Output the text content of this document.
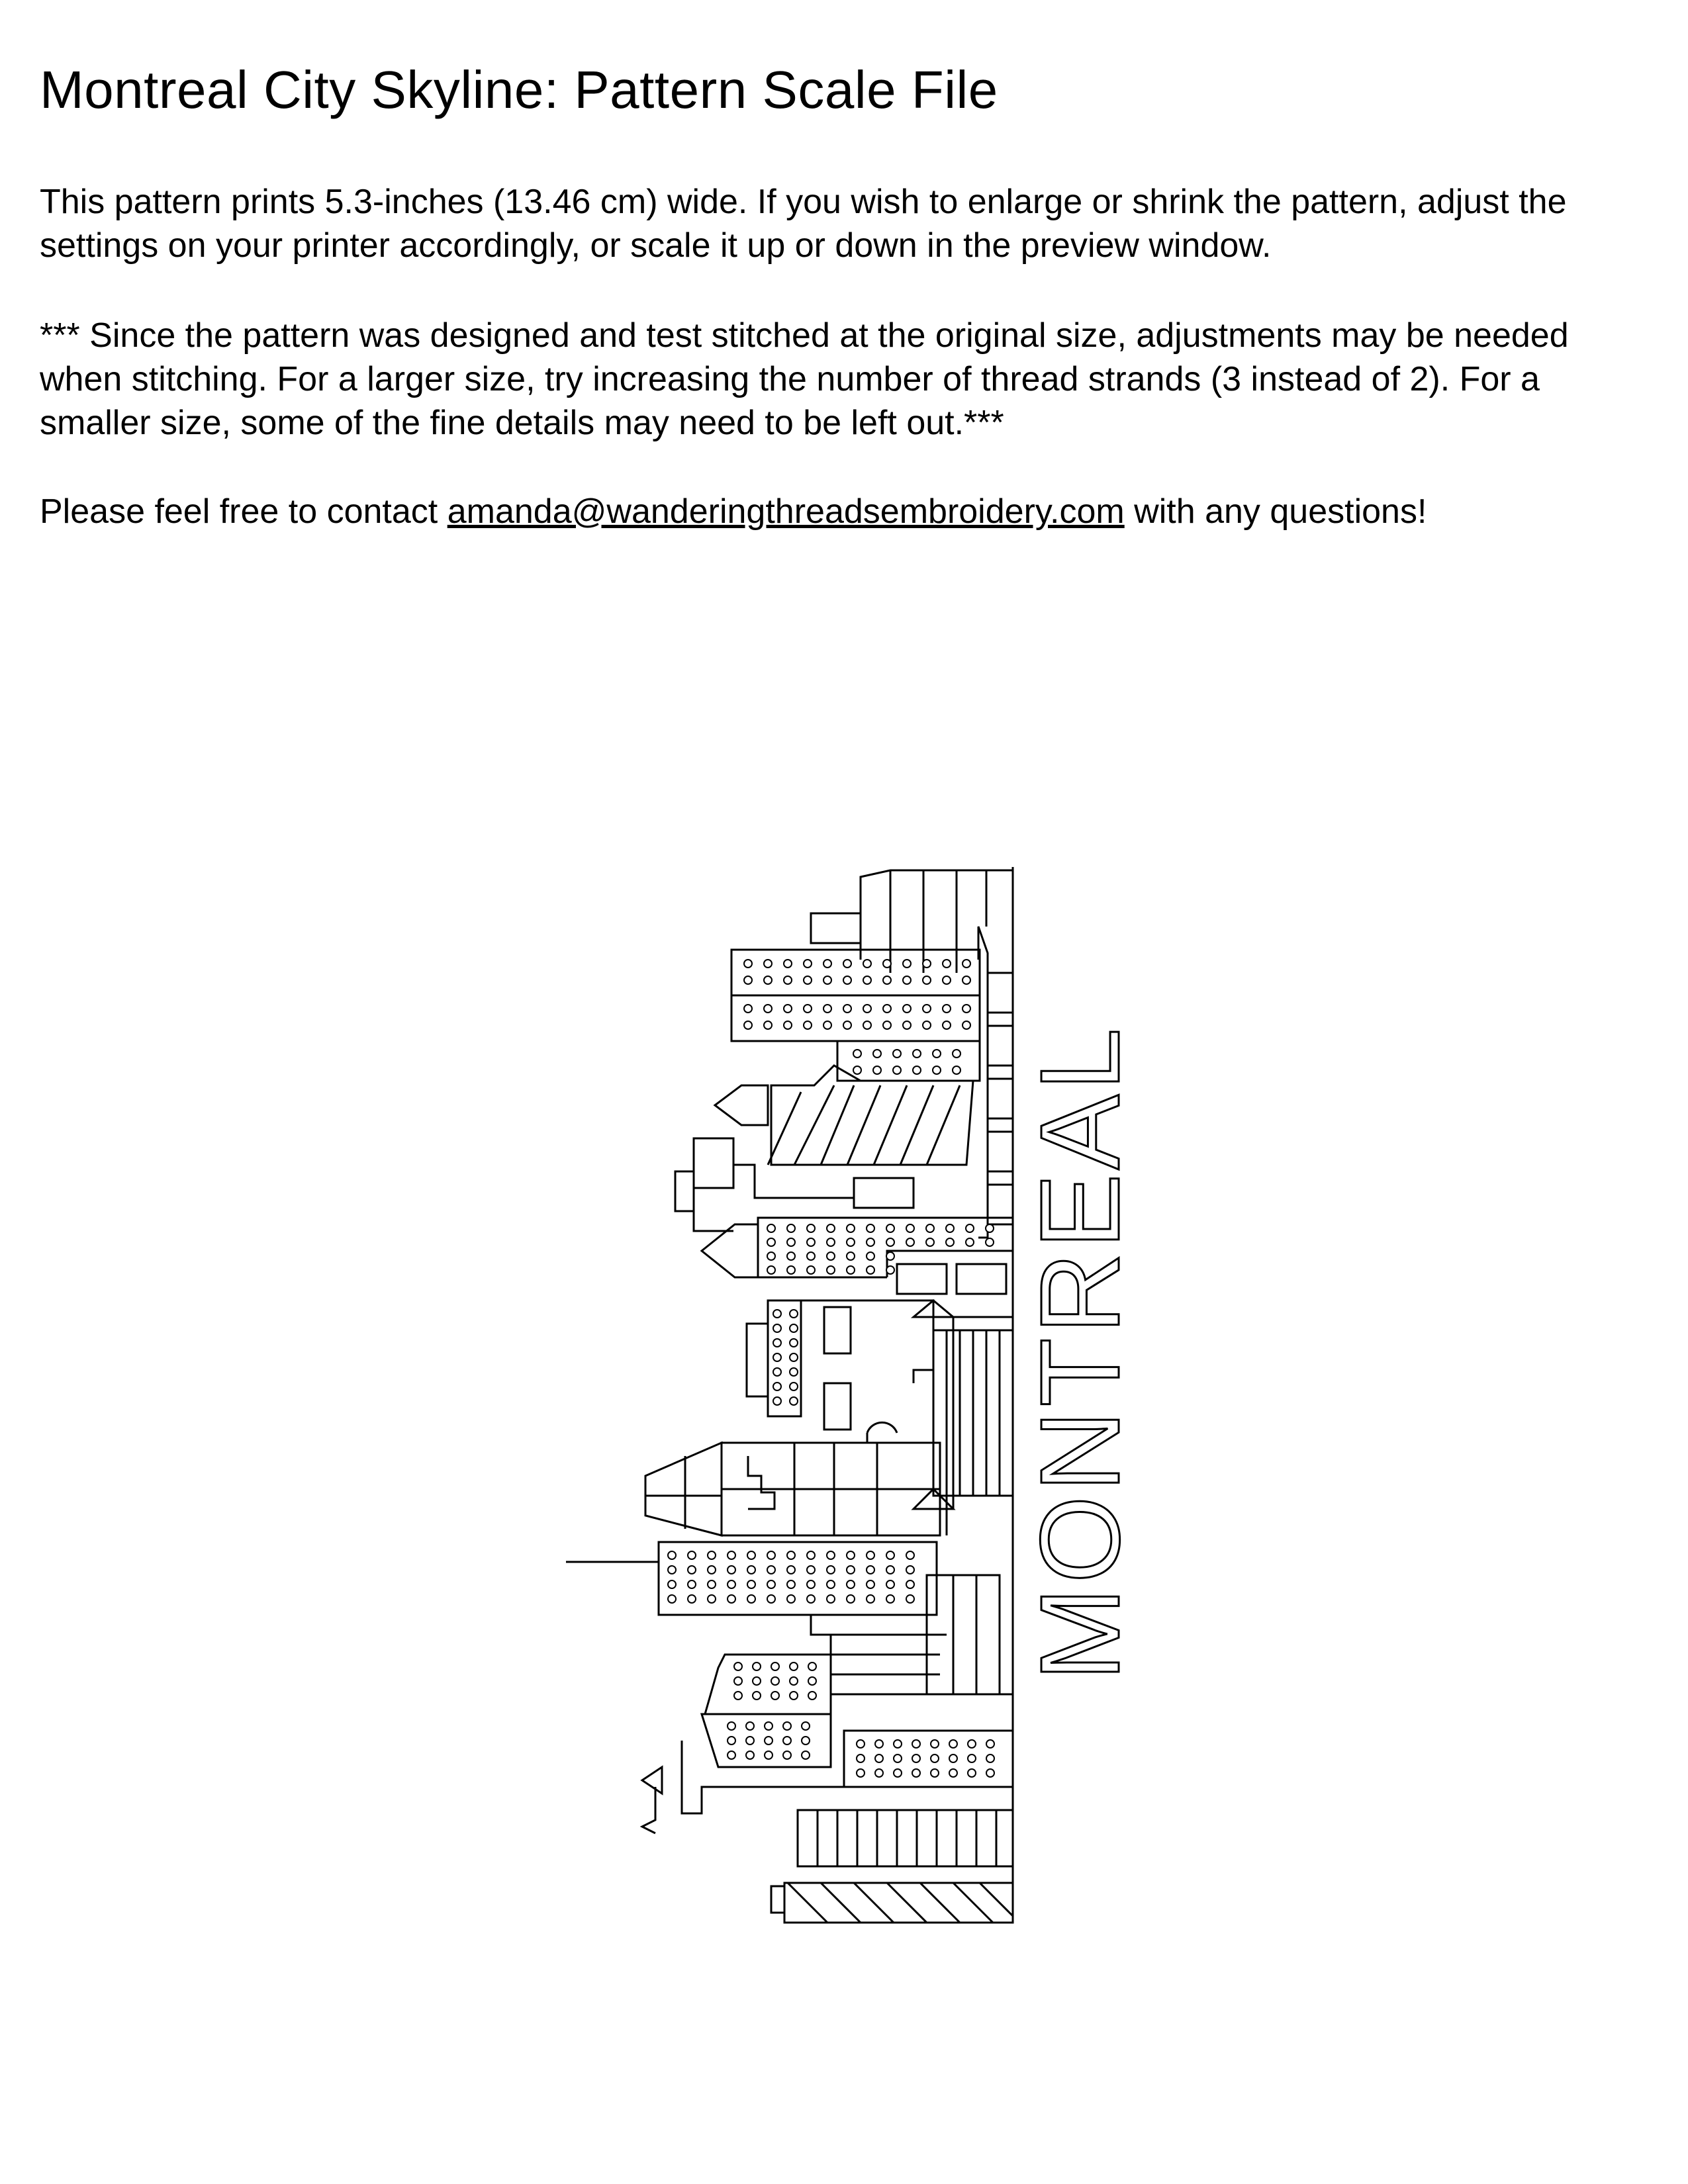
Montreal City Skyline: Pattern Scale File

This pattern prints 5.3-inches (13.46 cm) wide. If you wish to enlarge or shrink the pattern, adjust the settings on your printer accordingly, or scale it up or down in the preview window.

*** Since the pattern was designed and test stitched at the original size, adjustments may be needed when stitching. For a larger size, try increasing the number of thread strands (3 instead of 2). For a smaller size, some of the fine details may need to be left out.***

Please feel free to contact amanda@wanderingthreadsembroidery.com with any questions!

MONTREAL
